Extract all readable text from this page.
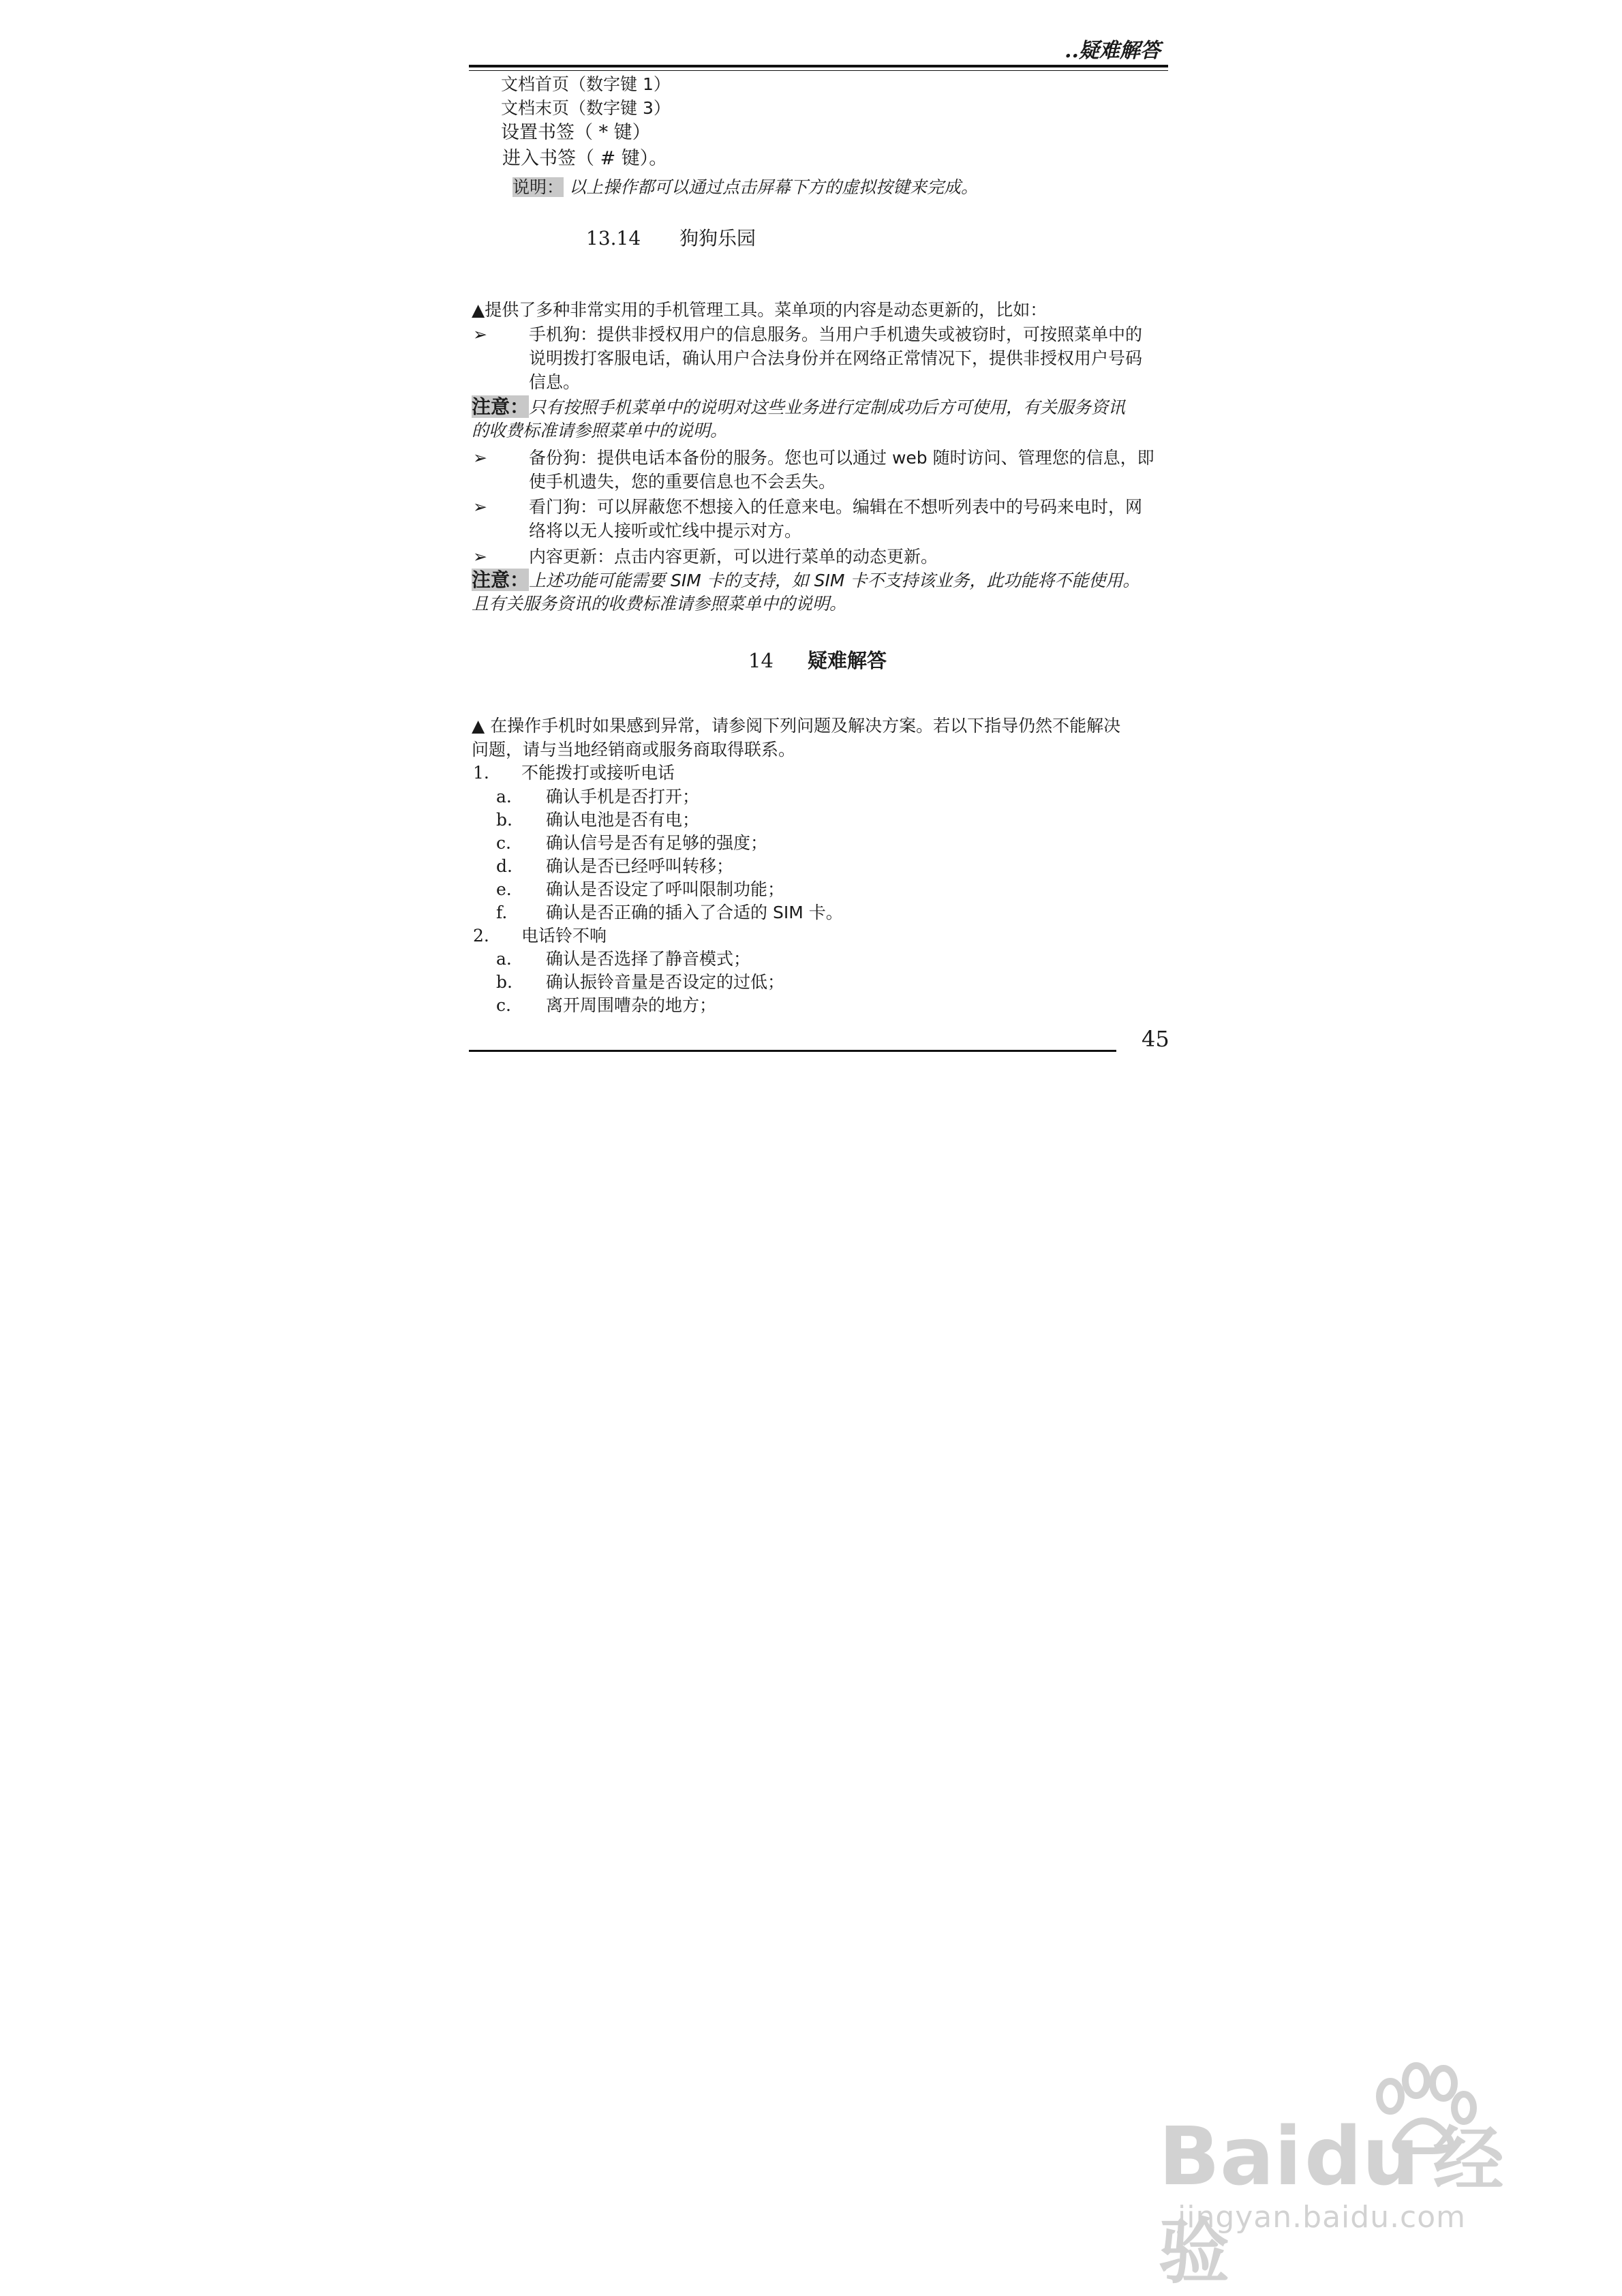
..疑难解答
文档首页（数字键 1）
文档末页（数字键 3）
设置书签（ * 键）
进入书签（ # 键）。
说明： 以上操作都可以通过点击屏幕下方的虚拟按键来完成。
13.14 狗狗乐园
▲提供了多种非常实用的手机管理工具。菜单项的内容是动态更新的，比如：
➢ 手机狗：提供非授权用户的信息服务。当用户手机遗失或被窃时，可按照菜单中的
说明拨打客服电话，确认用户合法身份并在网络正常情况下，提供非授权用户号码
信息。
注意：只有按照手机菜单中的说明对这些业务进行定制成功后方可使用，有关服务资讯
的收费标准请参照菜单中的说明。
➢ 备份狗：提供电话本备份的服务。您也可以通过 web 随时访问、管理您的信息，即
使手机遗失，您的重要信息也不会丢失。
➢ 看门狗：可以屏蔽您不想接入的任意来电。编辑在不想听列表中的号码来电时，网
络将以无人接听或忙线中提示对方。
➢ 内容更新：点击内容更新，可以进行菜单的动态更新。
注意：上述功能可能需要 SIM 卡的支持，如 SIM 卡不支持该业务，此功能将不能使用。
且有关服务资讯的收费标准请参照菜单中的说明。
14 疑难解答
▲ 在操作手机时如果感到异常，请参阅下列问题及解决方案。若以下指导仍然不能解决
问题，请与当地经销商或服务商取得联系。
1. 不能拨打或接听电话
a. 确认手机是否打开；
b. 确认电池是否有电；
c. 确认信号是否有足够的强度；
d. 确认是否已经呼叫转移；
e. 确认是否设定了呼叫限制功能；
f. 确认是否正确的插入了合适的 SIM 卡。
2. 电话铃不响
a. 确认是否选择了静音模式；
b. 确认振铃音量是否设定的过低；
c. 离开周围嘈杂的地方；
45
Baidu 经验
jingyan.baidu.com
